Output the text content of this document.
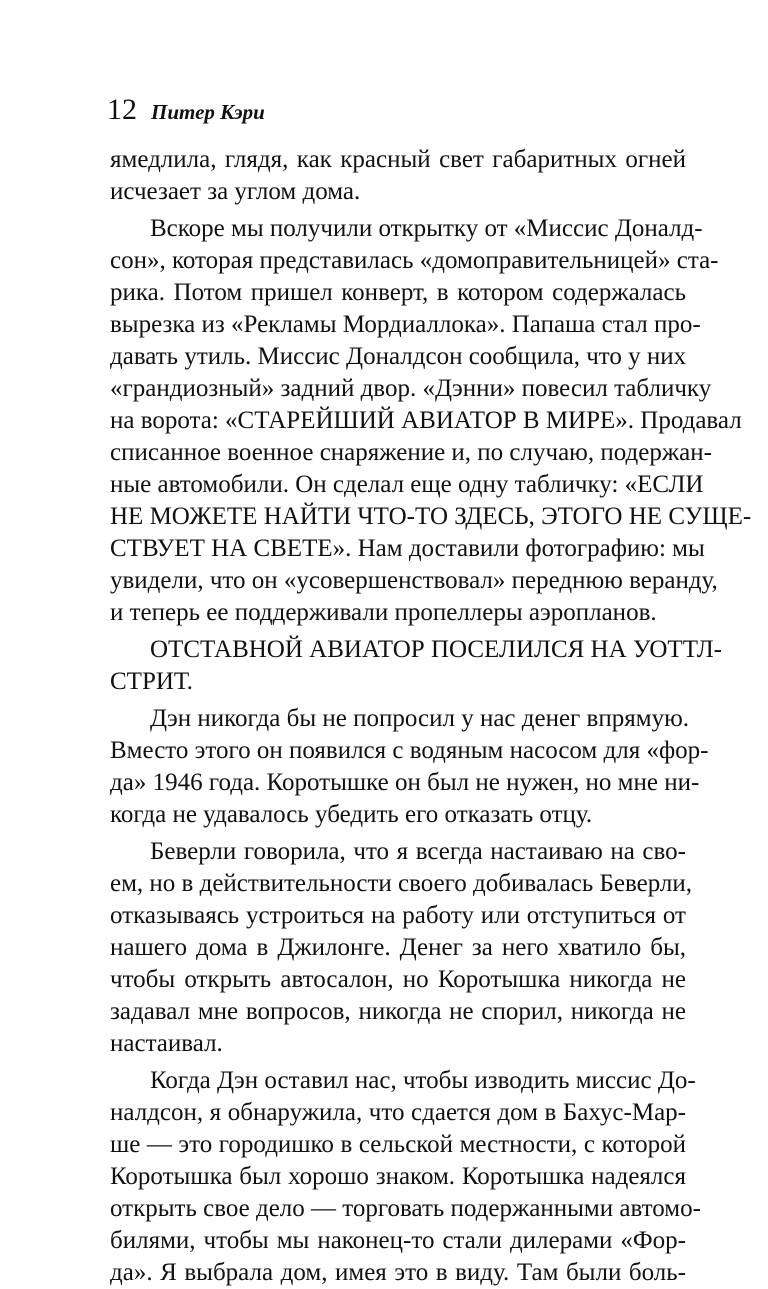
12 Питер Кэри
ямедлила, глядя, как красный свет габаритных огней
исчезает за углом дома.
Вскоре мы получили открытку от «Миссис Доналд-
сон», которая представилась «домоправительницей» ста-
рика. Потом пришел конверт, в котором содержалась
вырезка из «Рекламы Мордиаллока». Папаша стал про-
давать утиль. Миссис Доналдсон сообщила, что у них
«грандиозный» задний двор. «Дэнни» повесил табличку
на ворота: «СТАРЕЙШИЙ АВИАТОР В МИРЕ». Продавал
списанное военное снаряжение и, по случаю, подержан-
ные автомобили. Он сделал еще одну табличку: «ЕСЛИ
НЕ МОЖЕТЕ НАЙТИ ЧТО-ТО ЗДЕСЬ, ЭТОГО НЕ СУЩЕ-
СТВУЕТ НА СВЕТЕ». Нам доставили фотографию: мы
увидели, что он «усовершенствовал» переднюю веранду,
и теперь ее поддерживали пропеллеры аэропланов.
ОТСТАВНОЙ АВИАТОР ПОСЕЛИЛСЯ НА УОТТЛ-
СТРИТ.
Дэн никогда бы не попросил у нас денег впрямую.
Вместо этого он появился с водяным насосом для «фор-
да» 1946 года. Коротышке он был не нужен, но мне ни-
когда не удавалось убедить его отказать отцу.
Беверли говорила, что я всегда настаиваю на сво-
ем, но в действительности своего добивалась Беверли,
отказываясь устроиться на работу или отступиться от
нашего дома в Джилонге. Денег за него хватило бы,
чтобы открыть автосалон, но Коротышка никогда не
задавал мне вопросов, никогда не спорил, никогда не
настаивал.
Когда Дэн оставил нас, чтобы изводить миссис До-
налдсон, я обнаружила, что сдается дом в Бахус-Мар-
ше — это городишко в сельской местности, с которой
Коротышка был хорошо знаком. Коротышка надеялся
открыть свое дело — торговать подержанными автомо-
билями, чтобы мы наконец-то стали дилерами «Фор-
да». Я выбрала дом, имея это в виду. Там были боль-
